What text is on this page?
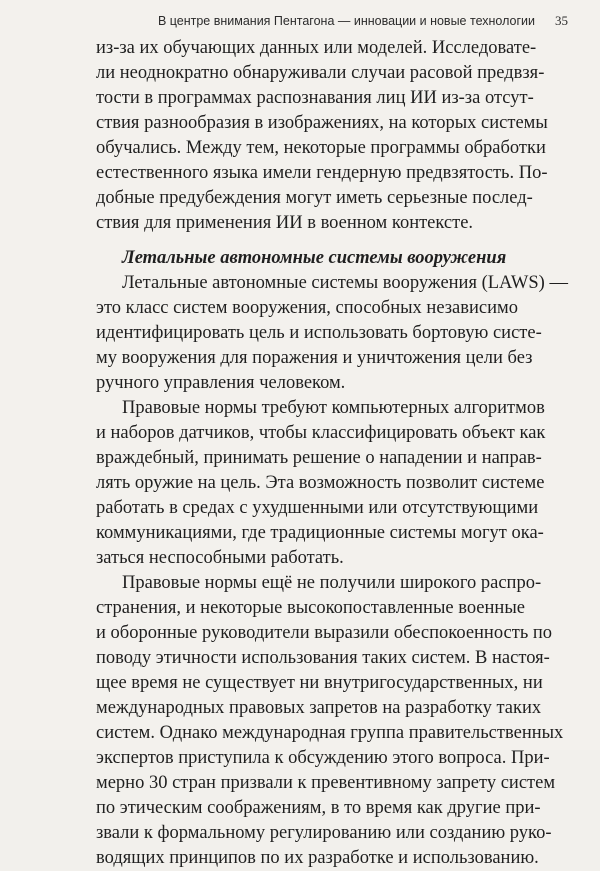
В центре внимания Пентагона — инновации и новые технологии 35

из-за их обучающих данных или моделей. Исследовате-
ли неоднократно обнаруживали случаи расовой предвзя-
тости в программах распознавания лиц ИИ из-за отсут-
ствия разнообразия в изображениях, на которых системы
обучались. Между тем, некоторые программы обработки
естественного языка имели гендерную предвзятость. По-
добные предубеждения могут иметь серьезные послед-
ствия для применения ИИ в военном контексте.

Летальные автономные системы вооружения

Летальные автономные системы вооружения (LAWS) —
это класс систем вооружения, способных независимо
идентифицировать цель и использовать бортовую систе-
му вооружения для поражения и уничтожения цели без
ручного управления человеком.

Правовые нормы требуют компьютерных алгоритмов
и наборов датчиков, чтобы классифицировать объект как
враждебный, принимать решение о нападении и направ-
лять оружие на цель. Эта возможность позволит системе
работать в средах с ухудшенными или отсутствующими
коммуникациями, где традиционные системы могут ока-
заться неспособными работать.

Правовые нормы ещё не получили широкого распро-
странения, и некоторые высокопоставленные военные
и оборонные руководители выразили обеспокоенность по
поводу этичности использования таких систем. В настоя-
щее время не существует ни внутригосударственных, ни
международных правовых запретов на разработку таких
систем. Однако международная группа правительственных
экспертов приступила к обсуждению этого вопроса. При-
мерно 30 стран призвали к превентивному запрету систем
по этическим соображениям, в то время как другие при-
звали к формальному регулированию или созданию руко-
водящих принципов по их разработке и использованию.
